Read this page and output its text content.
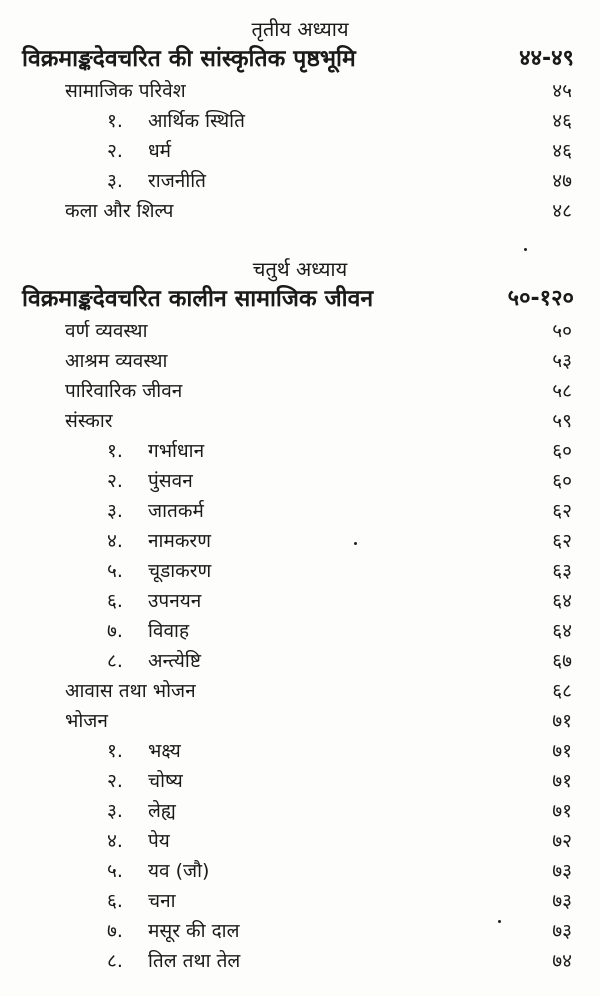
तृतीय अध्याय
विक्रमाङ्कदेवचरित की सांस्कृतिक पृष्ठभूमि	४४-४९
सामाजिक परिवेश	४५
१.	आर्थिक स्थिति	४६
२.	धर्म	४६
३.	राजनीति	४७
कला और शिल्प	४८
चतुर्थ अध्याय
विक्रमाङ्कदेवचरित कालीन सामाजिक जीवन	५०-१२०
वर्ण व्यवस्था	५०
आश्रम व्यवस्था	५३
पारिवारिक जीवन	५८
संस्कार	५९
१.	गर्भाधान	६०
२.	पुंसवन	६०
३.	जातकर्म	६२
४.	नामकरण	६२
५.	चूडाकरण	६३
६.	उपनयन	६४
७.	विवाह	६४
८.	अन्त्येष्टि	६७
आवास तथा भोजन	६८
भोजन	७१
१.	भक्ष्य	७१
२.	चोष्य	७१
३.	लेह्य	७१
४.	पेय	७२
५.	यव (जौ)	७३
६.	चना	७३
७.	मसूर की दाल	७३
८.	तिल तथा तेल	७४
